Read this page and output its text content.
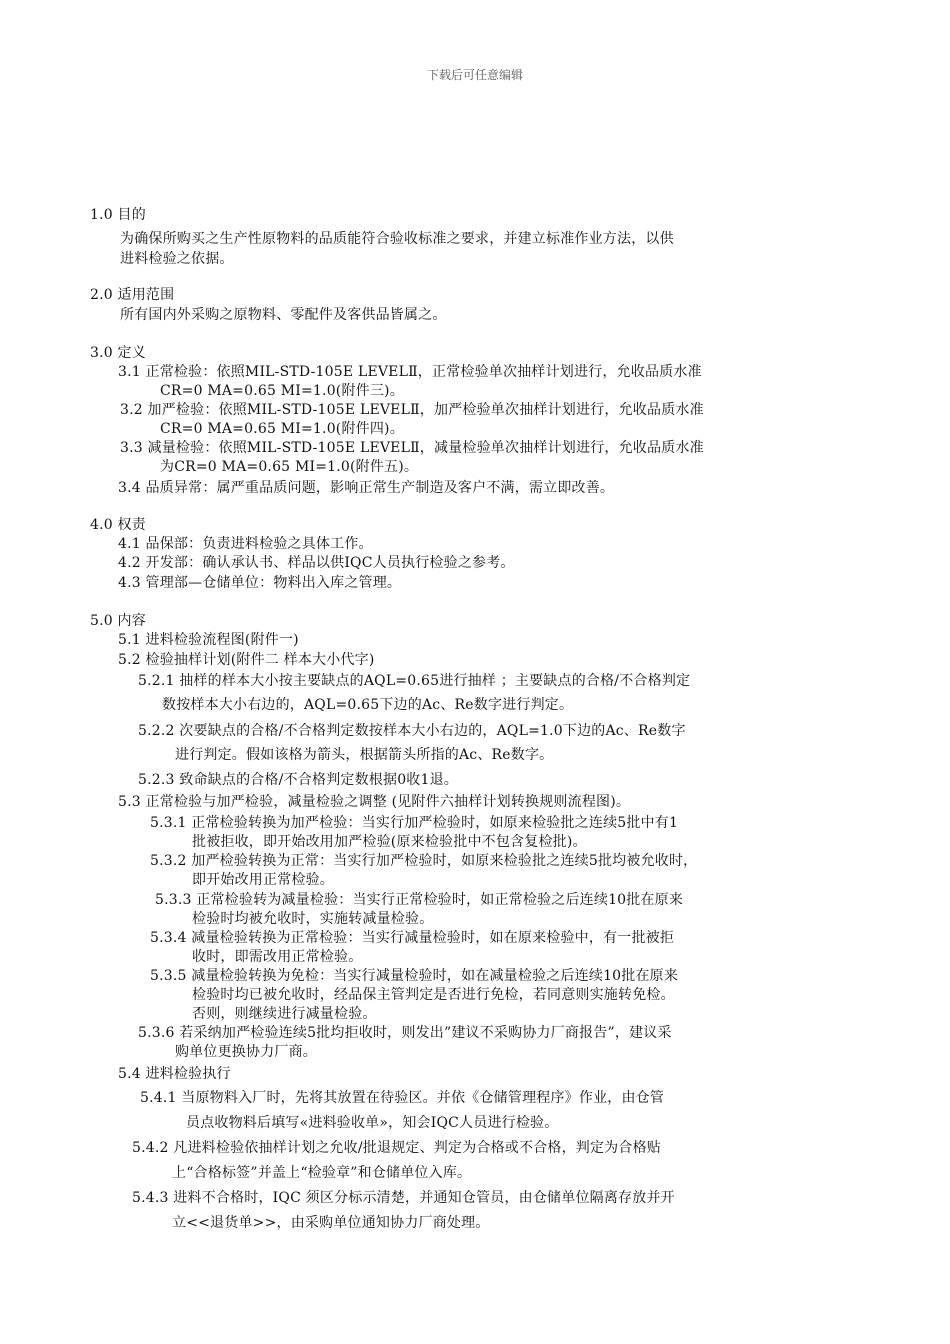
下载后可任意编辑
1.0 目的
为确保所购买之生产性原物料的品质能符合验收标准之要求，并建立标准作业方法，以供
进料检验之依据。
2.0 适用范围
所有国内外采购之原物料、零配件及客供品皆属之。
3.0 定义
3.1 正常检验：依照MIL-STD-105E LEVELⅡ，正常检验单次抽样计划进行，允收品质水准
CR=0 MA=0.65 MI=1.0(附件三)。
3.2 加严检验：依照MIL-STD-105E LEVELⅡ，加严检验单次抽样计划进行，允收品质水准
CR=0 MA=0.65 MI=1.0(附件四)。
3.3 减量检验：依照MIL-STD-105E LEVELⅡ，减量检验单次抽样计划进行，允收品质水准
为CR=0 MA=0.65 MI=1.0(附件五)。
3.4 品质异常：属严重品质问题，影响正常生产制造及客户不满，需立即改善。
4.0 权责
4.1 品保部：负责进料检验之具体工作。
4.2 开发部：确认承认书、样品以供IQC人员执行检验之参考。
4.3 管理部—仓储单位：物料出入库之管理。
5.0 内容
5.1 进料检验流程图(附件一)
5.2 检验抽样计划(附件二 样本大小代字)
5.2.1 抽样的样本大小按主要缺点的AQL=0.65进行抽样 ；主要缺点的合格/不合格判定
数按样本大小右边的，AQL=0.65下边的Ac、Re数字进行判定。
5.2.2 次要缺点的合格/不合格判定数按样本大小右边的，AQL=1.0下边的Ac、Re数字
进行判定。假如该格为箭头，根据箭头所指的Ac、Re数字。
5.2.3 致命缺点的合格/不合格判定数根据0收1退。
5.3 正常检验与加严检验，减量检验之调整 (见附件六抽样计划转换规则流程图)。
5.3.1 正常检验转换为加严检验：当实行加严检验时，如原来检验批之连续5批中有1
批被拒收，即开始改用加严检验(原来检验批中不包含复检批)。
5.3.2 加严检验转换为正常：当实行加严检验时，如原来检验批之连续5批均被允收时，
即开始改用正常检验。
5.3.3 正常检验转为减量检验：当实行正常检验时，如正常检验之后连续10批在原来
检验时均被允收时，实施转减量检验。
5.3.4 减量检验转换为正常检验：当实行减量检验时，如在原来检验中，有一批被拒
收时，即需改用正常检验。
5.3.5 减量检验转换为免检：当实行减量检验时，如在减量检验之后连续10批在原来
检验时均已被允收时，经品保主管判定是否进行免检，若同意则实施转免检。
否则，则继续进行减量检验。
5.3.6 若采纳加严检验连续5批均拒收时，则发出”建议不采购协力厂商报告”，建议采
购单位更换协力厂商。
5.4 进料检验执行
5.4.1 当原物料入厂时，先将其放置在待验区。并依《仓储管理程序》作业，由仓管
员点收物料后填写«进料验收单»，知会IQC人员进行检验。
5.4.2 凡进料检验依抽样计划之允收/批退规定、判定为合格或不合格，判定为合格贴
上“合格标签”并盖上“检验章”和仓储单位入库。
5.4.3 进料不合格时，IQC 须区分标示清楚，并通知仓管员，由仓储单位隔离存放并开
立<<退货单>>，由采购单位通知协力厂商处理。
